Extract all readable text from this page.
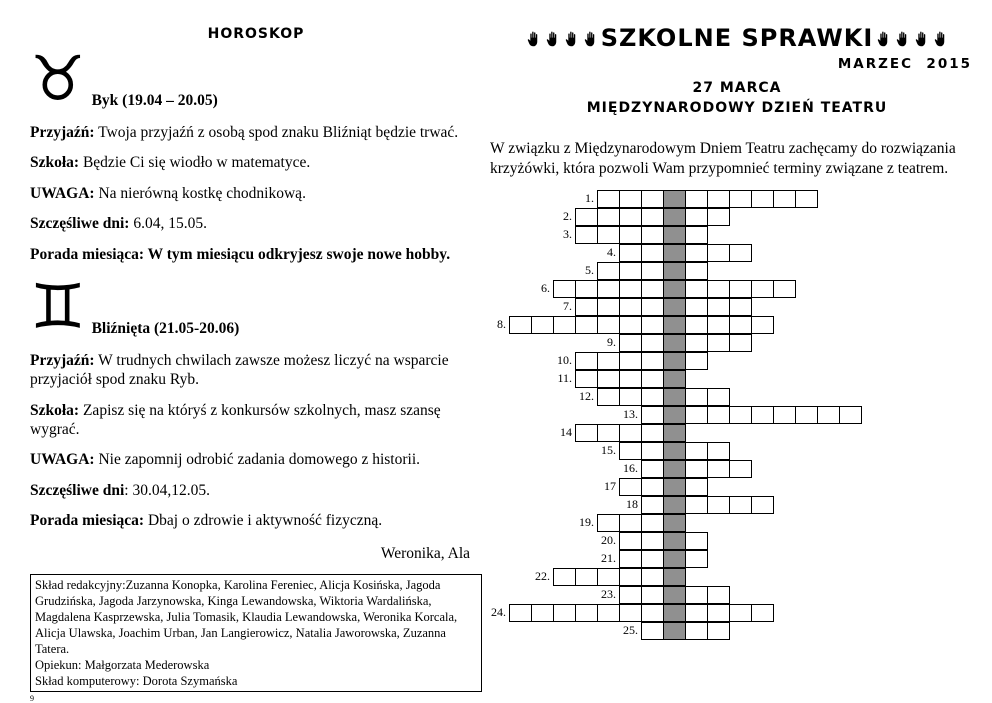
HOROSKOP
♉ Byk (19.04 – 20.05)

Przyjaźń: Twoja przyjaźń z osobą spod znaku Bliźniąt będzie trwać.

Szkoła: Będzie Ci się wiodło w matematyce.

UWAGA: Na nierówną kostkę chodnikową.

Szczęśliwe dni: 6.04, 15.05.

Porada miesiąca: W tym miesiącu odkryjesz swoje nowe hobby.

♊ Bliźnięta (21.05-20.06)

Przyjaźń: W trudnych chwilach zawsze możesz liczyć na wsparcie przyjaciół spod znaku Ryb.

Szkoła: Zapisz się na któryś z konkursów szkolnych, masz szansę wygrać.

UWAGA: Nie zapomnij odrobić zadania domowego z historii.

Szczęśliwe dni: 30.04,12.05.

Porada miesiąca: Dbaj o zdrowie i aktywność fizyczną.

Weronika, Ala
Skład redakcyjny:Zuzanna Konopka, Karolina Fereniec, Alicja Kosińska, Jagoda Grudzińska, Jagoda Jarzynowska, Kinga Lewandowska, Wiktoria Wardalińska, Magdalena Kasprzewska, Julia Tomasik, Klaudia Lewandowska, Weronika Korcala, Alicja Ulawska, Joachim Urban, Jan Langierowicz, Natalia Jaworowska, Zuzanna Tatera.
Opiekun: Małgorzata Mederowska
Skład komputerowy: Dorota Szymańska
9
SZKOLNE SPRAWKI
MARZEC  2015
27 MARCA
MIĘDZYNARODOWY DZIEŃ TEATRU

W związku z Międzynarodowym Dniem Teatru zachęcamy do rozwiązania krzyżówki, która pozwoli Wam przypomnieć terminy związane z teatrem.

1.
2.
3.
4.
5.
6.
7.
8.
9.
10.
11.
12.
13.
14
15.
16.
17
18
19.
20.
21.
22.
23.
24.
25.
